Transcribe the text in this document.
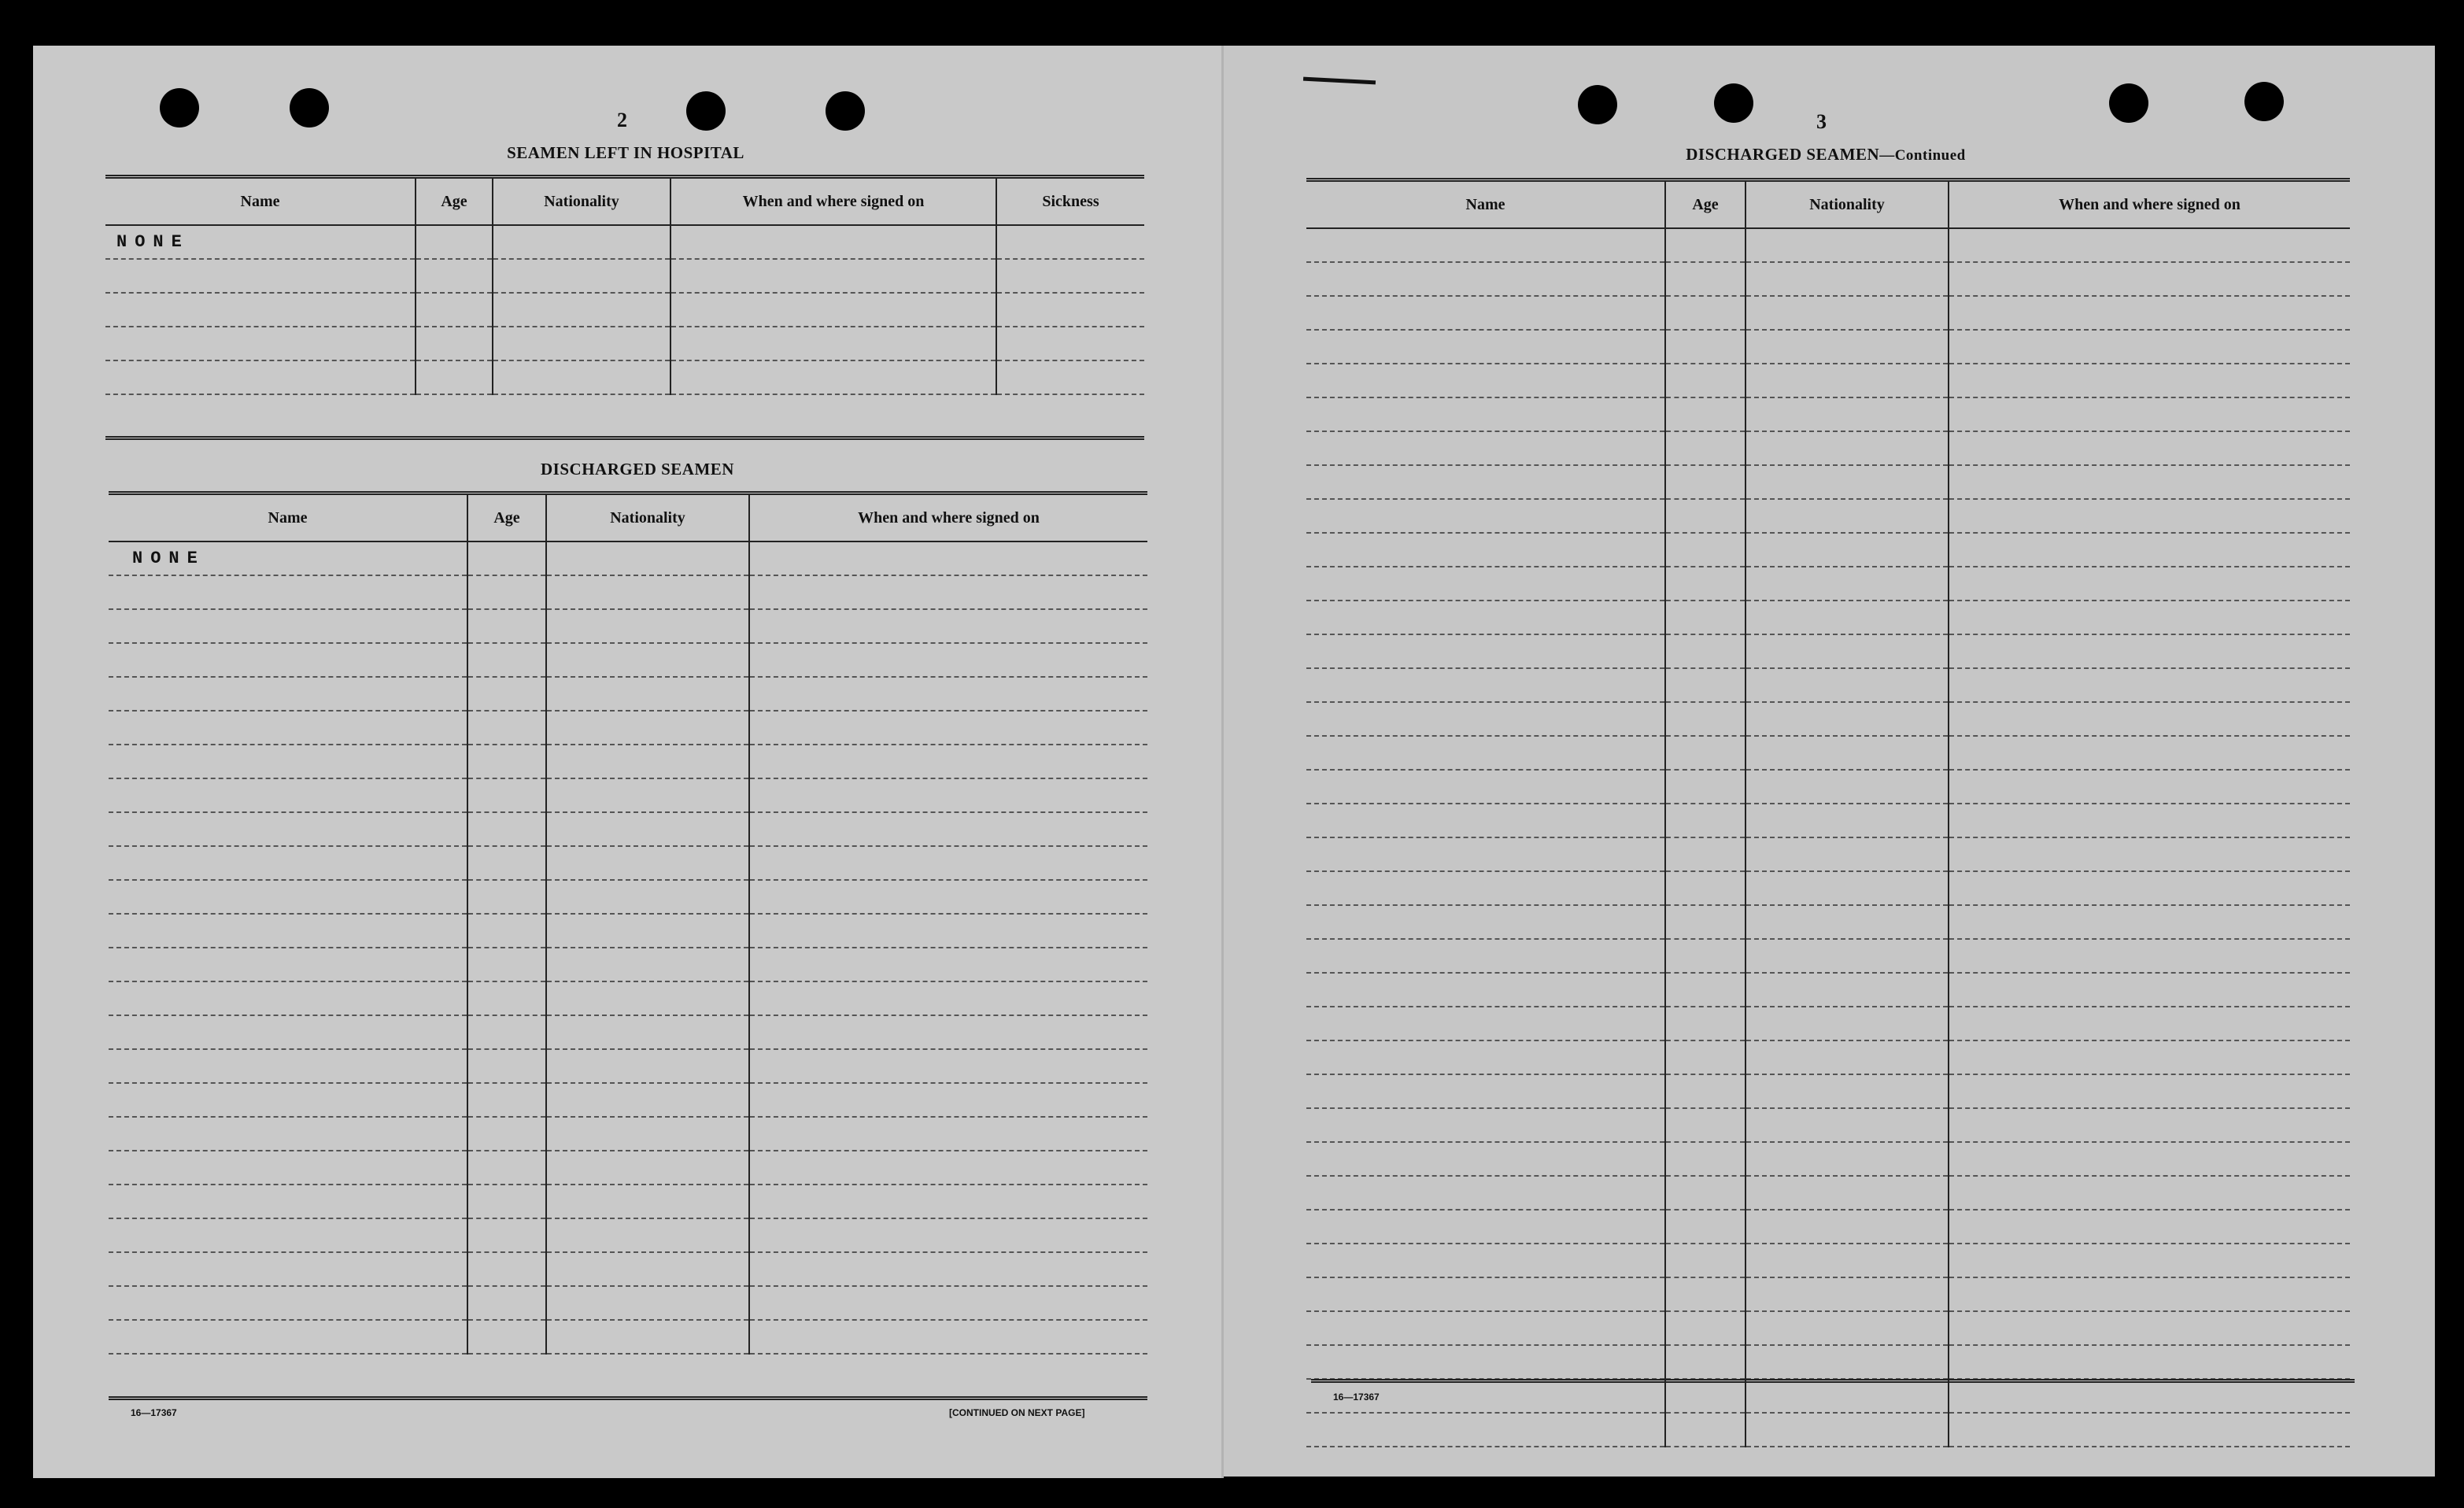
2
SEAMEN LEFT IN HOSPITAL
Name	Age	Nationality	When and where signed on	Sickness
NONE				

DISCHARGED SEAMEN
Name	Age	Nationality	When and where signed on
NONE			

16—17367	[CONTINUED ON NEXT PAGE]
3
DISCHARGED SEAMEN—Continued
Name	Age	Nationality	When and where signed on

16—17367
